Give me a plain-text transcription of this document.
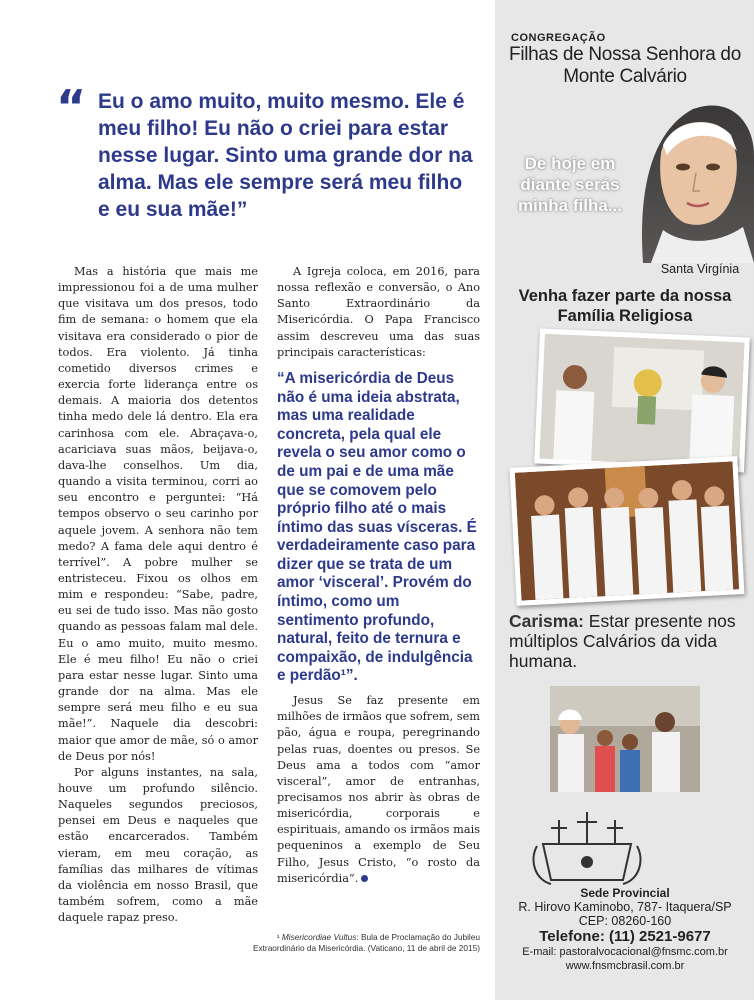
“ Eu o amo muito, muito mesmo. Ele é meu filho! Eu não o criei para estar nesse lugar. Sinto uma grande dor na alma. Mas ele sempre será meu filho e eu sua mãe!”

Mas a história que mais me impressionou foi a de uma mulher que visitava um dos presos, todo fim de semana: o homem que ela visitava era considerado o pior de todos. Era violento. Já tinha cometido diversos crimes e exercia forte liderança entre os demais. A maioria dos detentos tinha medo dele lá dentro. Ela era carinhosa com ele. Abraçava-o, acariciava suas mãos, beijava-o, dava-lhe conselhos. Um dia, quando a visita terminou, corri ao seu encontro e perguntei: “Há tempos observo o seu carinho por aquele jovem. A senhora não tem medo? A fama dele aqui dentro é terrível”. A pobre mulher se entristeceu. Fixou os olhos em mim e respondeu: “Sabe, padre, eu sei de tudo isso. Mas não gosto quando as pessoas falam mal dele. Eu o amo muito, muito mesmo. Ele é meu filho! Eu não o criei para estar nesse lugar. Sinto uma grande dor na alma. Mas ele sempre será meu filho e eu sua mãe!”. Naquele dia descobri: maior que amor de mãe, só o amor de Deus por nós!

Por alguns instantes, na sala, houve um profundo silêncio. Naqueles segundos preciosos, pensei em Deus e naqueles que estão encarcerados. Também vieram, em meu coração, as famílias das milhares de vítimas da violência em nosso Brasil, que também sofrem, como a mãe daquele rapaz preso.

A Igreja coloca, em 2016, para nossa reflexão e conversão, o Ano Santo Extraordinário da Misericórdia. O Papa Francisco assim descreveu uma das suas principais características:

“A misericórdia de Deus não é uma ideia abstrata, mas uma realidade concreta, pela qual ele revela o seu amor como o de um pai e de uma mãe que se comovem pelo próprio filho até o mais íntimo das suas vísceras. É verdadeiramente caso para dizer que se trata de um amor ‘visceral’. Provém do íntimo, como um sentimento profundo, natural, feito de ternura e compaixão, de indulgência e perdão¹”.

Jesus Se faz presente em milhões de irmãos que sofrem, sem pão, água e roupa, peregrinando pelas ruas, doentes ou presos. Se Deus ama a todos com “amor visceral”, amor de entranhas, precisamos nos abrir às obras de misericórdia, corporais e espirituais, amando os irmãos mais pequeninos a exemplo de Seu Filho, Jesus Cristo, “o rosto da misericórdia”.

¹ Misericordiae Vultus: Bula de Proclamação do Jubileu Extraordinário da Misericórdia. (Vaticano, 11 de abril de 2015)
CONGREGAÇÃO
Filhas de Nossa Senhora do Monte Calvário
De hoje em diante serás minha filha...
Santa Virgínia
Venha fazer parte da nossa Família Religiosa
Carisma: Estar presente nos múltiplos Calvários da vida humana.
Sede Provincial
R. Hirovo Kaminobo, 787- Itaquera/SP
CEP: 08260-160
Telefone: (11) 2521-9677
E-mail: pastoralvocacional@fnsmc.com.br
www.fnsmcbrasil.com.br
